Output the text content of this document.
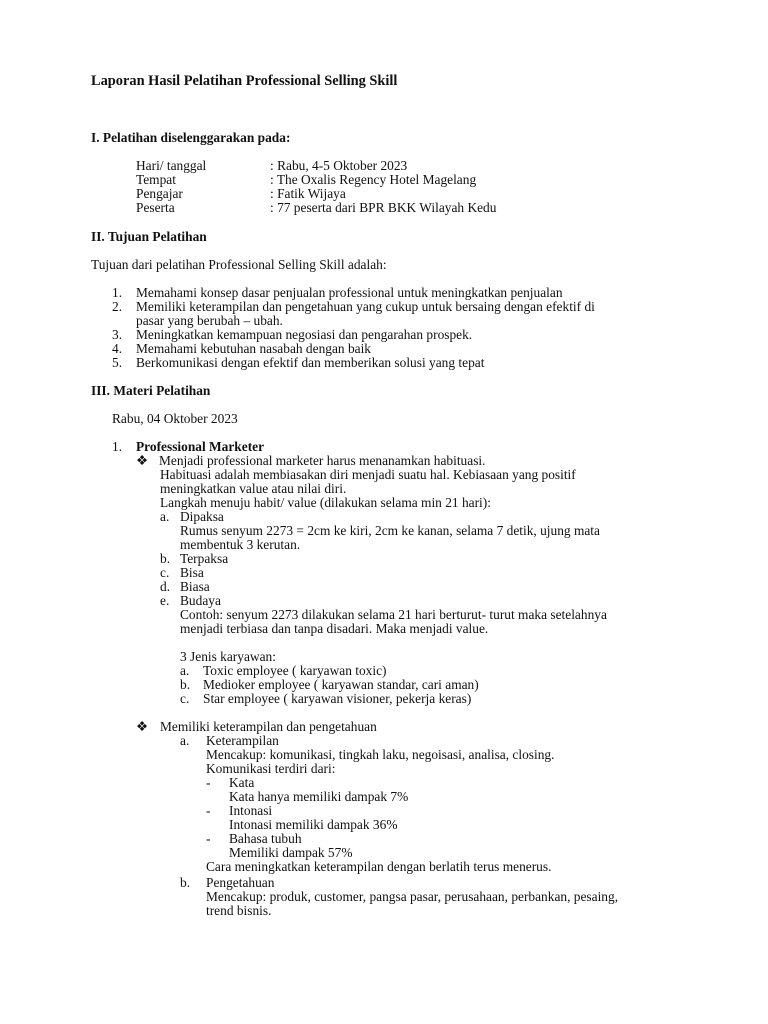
Laporan Hasil Pelatihan Professional Selling Skill
I. Pelatihan diselenggarakan pada:
Hari/ tanggal	: Rabu, 4-5 Oktober 2023
Tempat	: The Oxalis Regency Hotel Magelang
Pengajar	: Fatik Wijaya
Peserta	: 77 peserta dari BPR BKK Wilayah Kedu
II. Tujuan Pelatihan
Tujuan dari pelatihan Professional Selling Skill adalah:
1. Memahami konsep dasar penjualan professional untuk meningkatkan penjualan
2. Memiliki keterampilan dan pengetahuan yang cukup untuk bersaing dengan efektif di
pasar yang berubah – ubah.
3. Meningkatkan kemampuan negosiasi dan pengarahan prospek.
4. Memahami kebutuhan nasabah dengan baik
5. Berkomunikasi dengan efektif dan memberikan solusi yang tepat
III. Materi Pelatihan
Rabu, 04 Oktober 2023
1. Professional Marketer
❖ Menjadi professional marketer harus menanamkan habituasi.
Habituasi adalah membiasakan diri menjadi suatu hal. Kebiasaan yang positif
meningkatkan value atau nilai diri.
Langkah menuju habit/ value (dilakukan selama min 21 hari):
a. Dipaksa
Rumus senyum 2273 = 2cm ke kiri, 2cm ke kanan, selama 7 detik, ujung mata
membentuk 3 kerutan.
b. Terpaksa
c. Bisa
d. Biasa
e. Budaya
Contoh: senyum 2273 dilakukan selama 21 hari berturut- turut maka setelahnya
menjadi terbiasa dan tanpa disadari. Maka menjadi value.
3 Jenis karyawan:
a. Toxic employee ( karyawan toxic)
b. Medioker employee ( karyawan standar, cari aman)
c. Star employee ( karyawan visioner, pekerja keras)
❖ Memiliki keterampilan dan pengetahuan
a. Keterampilan
Mencakup: komunikasi, tingkah laku, negoisasi, analisa, closing.
Komunikasi terdiri dari:
- Kata
Kata hanya memiliki dampak 7%
- Intonasi
Intonasi memiliki dampak 36%
- Bahasa tubuh
Memiliki dampak 57%
Cara meningkatkan keterampilan dengan berlatih terus menerus.
b. Pengetahuan
Mencakup: produk, customer, pangsa pasar, perusahaan, perbankan, pesaing,
trend bisnis.
